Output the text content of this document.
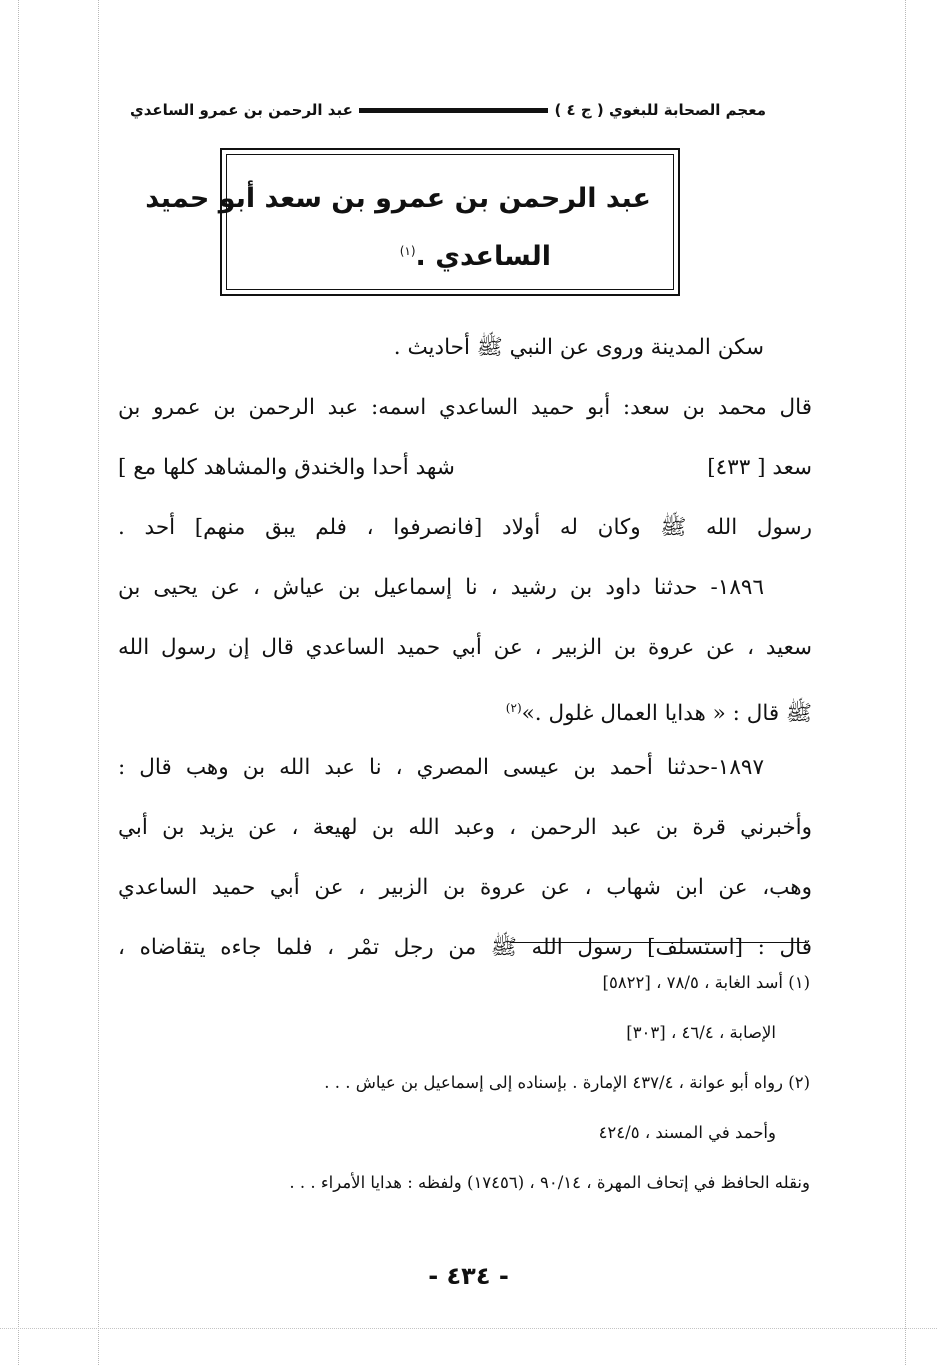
معجم الصحابة للبغوي ( ج ٤ )
عبد الرحمن بن عمرو الساعدي
عبد الرحمن بن عمرو بن سعد أبو حميد
الساعدي .$^{(١)}$
سكن المدينة وروى عن النبي ﷺ أحاديث .
قال محمد بن سعد: أبو حميد الساعدي اسمه: عبد الرحمن بن عمرو بن
سعد [ ٤٣٣]
شهد أحدا والخندق والمشاهد كلها مع ]
رسول الله ﷺ وكان له أولاد [فانصرفوا ، فلم يبق منهم] أحد .
١٨٩٦- حدثنا داود بن رشيد ، نا إسماعيل بن عياش ، عن يحيى بن
سعيد ، عن عروة بن الزبير ، عن أبي حميد الساعدي قال إن رسول الله
ﷺ قال : « هدايا العمال غلول .»$^{(٢)}$
١٨٩٧-حدثنا أحمد بن عيسى المصري ، نا عبد الله بن وهب قال :
وأخبرني قرة بن عبد الرحمن ، وعبد الله بن لهيعة ، عن يزيد بن أبي
وهب، عن ابن شهاب ، عن عروة بن الزبير ، عن أبي حميد الساعدي
قال : [استسلف] رسول الله ﷺ من رجل تمْر ، فلما جاءه يتقاضاه ،
(١) أسد الغابة ، ٧٨/٥ ، [٥٨٢٢]
الإصابة ، ٤٦/٤ ، [٣٠٣]
(٢) رواه أبو عوانة ، ٤٣٧/٤ الإمارة . بإسناده إلى إسماعيل بن عياش . . .
وأحمد في المسند ، ٤٢٤/٥
ونقله الحافظ في إتحاف المهرة ، ٩٠/١٤ ، (١٧٤٥٦) ولفظه : هدايا الأمراء . . .
- ٤٣٤ -
